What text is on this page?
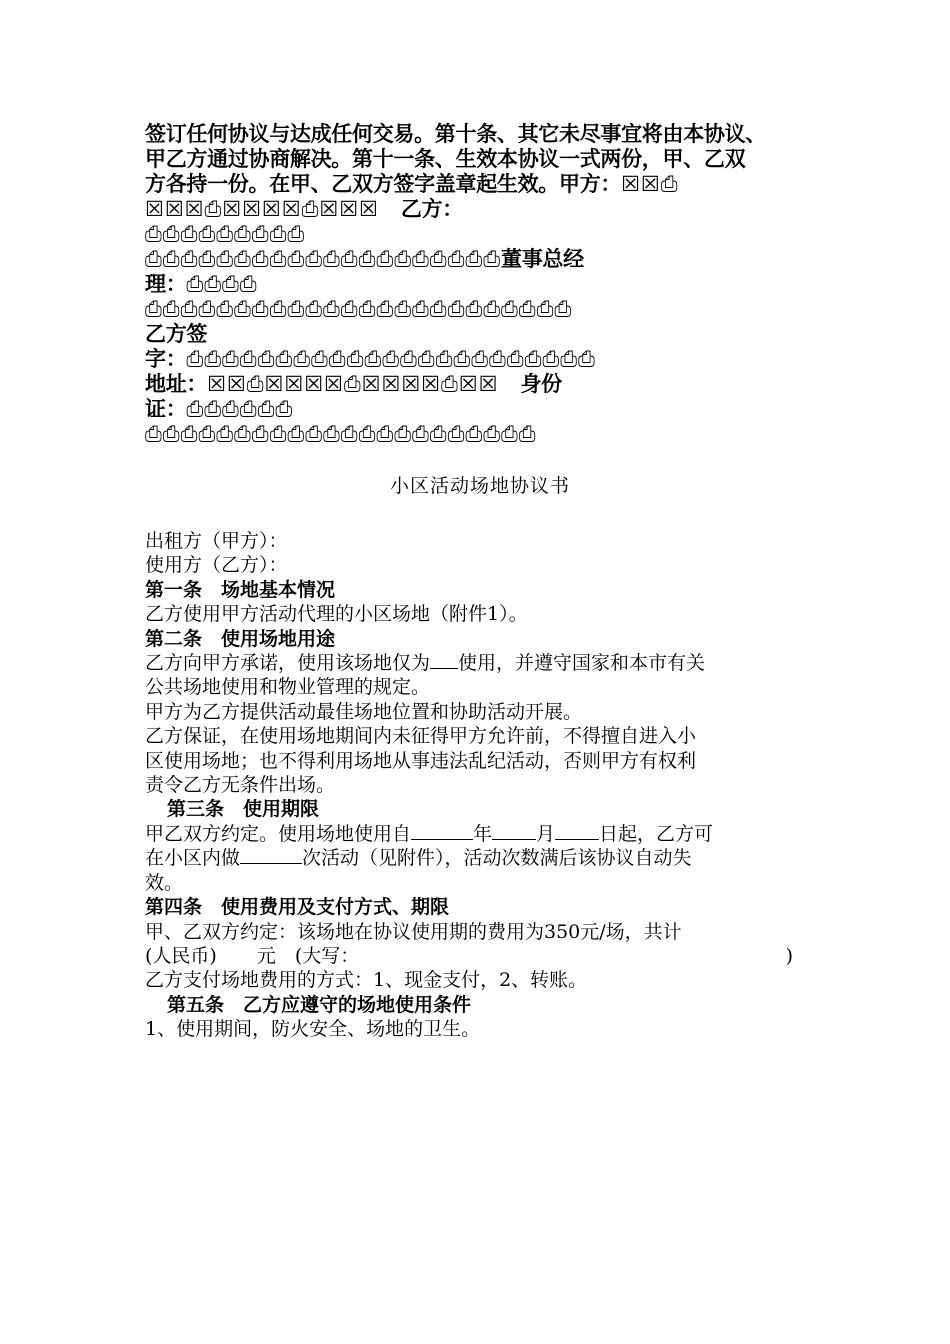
签订任何协议与达成任何交易。第十条、其它未尽事宜将由本协议、
甲乙方通过协商解决。第十一条、生效本协议一式两份，甲、乙双
方各持一份。在甲、乙双方签字盖章起生效。甲方：☒☒⎙
☒☒☒⎙☒☒☒☒⎙☒☒☒ 乙方：
⎙⎙⎙⎙⎙⎙⎙⎙⎙
⎙⎙⎙⎙⎙⎙⎙⎙⎙⎙⎙⎙⎙⎙⎙⎙⎙⎙⎙⎙董事总经
理：⎙⎙⎙⎙
⎙⎙⎙⎙⎙⎙⎙⎙⎙⎙⎙⎙⎙⎙⎙⎙⎙⎙⎙⎙⎙⎙⎙⎙
乙方签
字：⎙⎙⎙⎙⎙⎙⎙⎙⎙⎙⎙⎙⎙⎙⎙⎙⎙⎙⎙⎙⎙⎙⎙
地址：☒☒⎙☒☒☒☒⎙☒☒☒☒⎙☒☒ 身份
证：⎙⎙⎙⎙⎙⎙
⎙⎙⎙⎙⎙⎙⎙⎙⎙⎙⎙⎙⎙⎙⎙⎙⎙⎙⎙⎙⎙⎙
小区活动场地协议书

出租方（甲方）：

使用方（乙方）：

第一条　场地基本情况

乙方使用甲方活动代理的小区场地（附件1）。

第二条　使用场地用途

乙方向甲方承诺，使用该场地仅为 使用，并遵守国家和本市有关

公共场地使用和物业管理的规定。

甲方为乙方提供活动最佳场地位置和协助活动开展。

乙方保证，在使用场地期间内未征得甲方允许前，不得擅自进入小

区使用场地；也不得利用场地从事违法乱纪活动，否则甲方有权利

责令乙方无条件出场。

第三条　使用期限

甲乙双方约定。使用场地使用自	年 月 日起，乙方可

在小区内做	次活动（见附件），活动次数满后该协议自动失

效。

第四条　使用费用及支付方式、期限

甲、乙双方约定：该场地在协议使用期的费用为350元/场，共计

(人民币) 元　(大写：	)

乙方支付场地费用的方式：1、现金支付，2、转账。

第五条　乙方应遵守的场地使用条件

1、使用期间，防火安全、场地的卫生。
